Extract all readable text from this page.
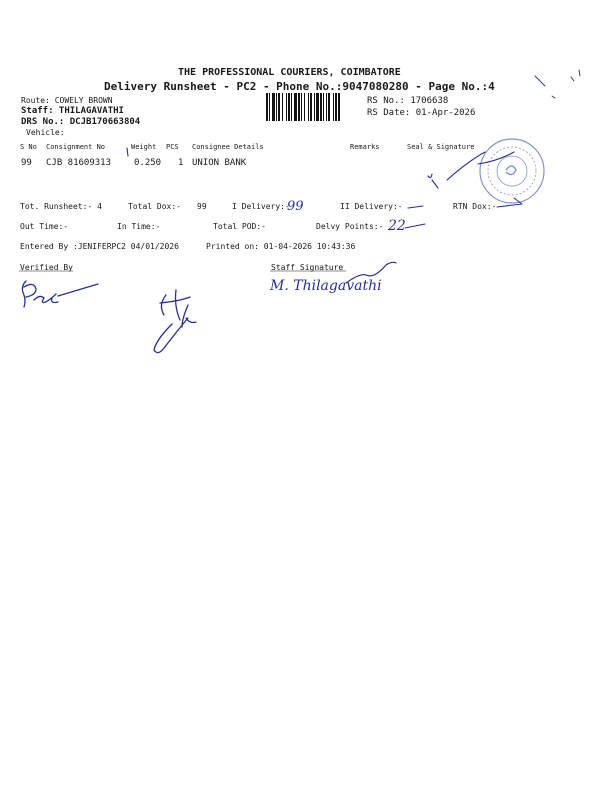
THE PROFESSIONAL COURIERS, COIMBATORE
Delivery Runsheet - PC2 - Phone No.:9047080280 - Page No.:4
Route: COWELY BROWN
Staff: THILAGAVATHI
DRS No.: DCJB170663804
Vehicle:
RS No.: 1706638
RS Date: 01-Apr-2026
S No Consignment No	Weight PCS Consignee Details	Remarks	Seal & Signature
99 CJB 81609313	0.250 1 UNION BANK
Tot. Runsheet:- 4	Total Dox:- 99	I Delivery:-	II Delivery:-	RTN Dox:-
Out Time:-	In Time:-	Total POD:-	Delvy Points:-
Entered By :JENIFERPC2 04/01/2026	Printed on: 01-04-2026 10:43:36
Verified By	Staff Signature
99
22
M. Thilagavathi
